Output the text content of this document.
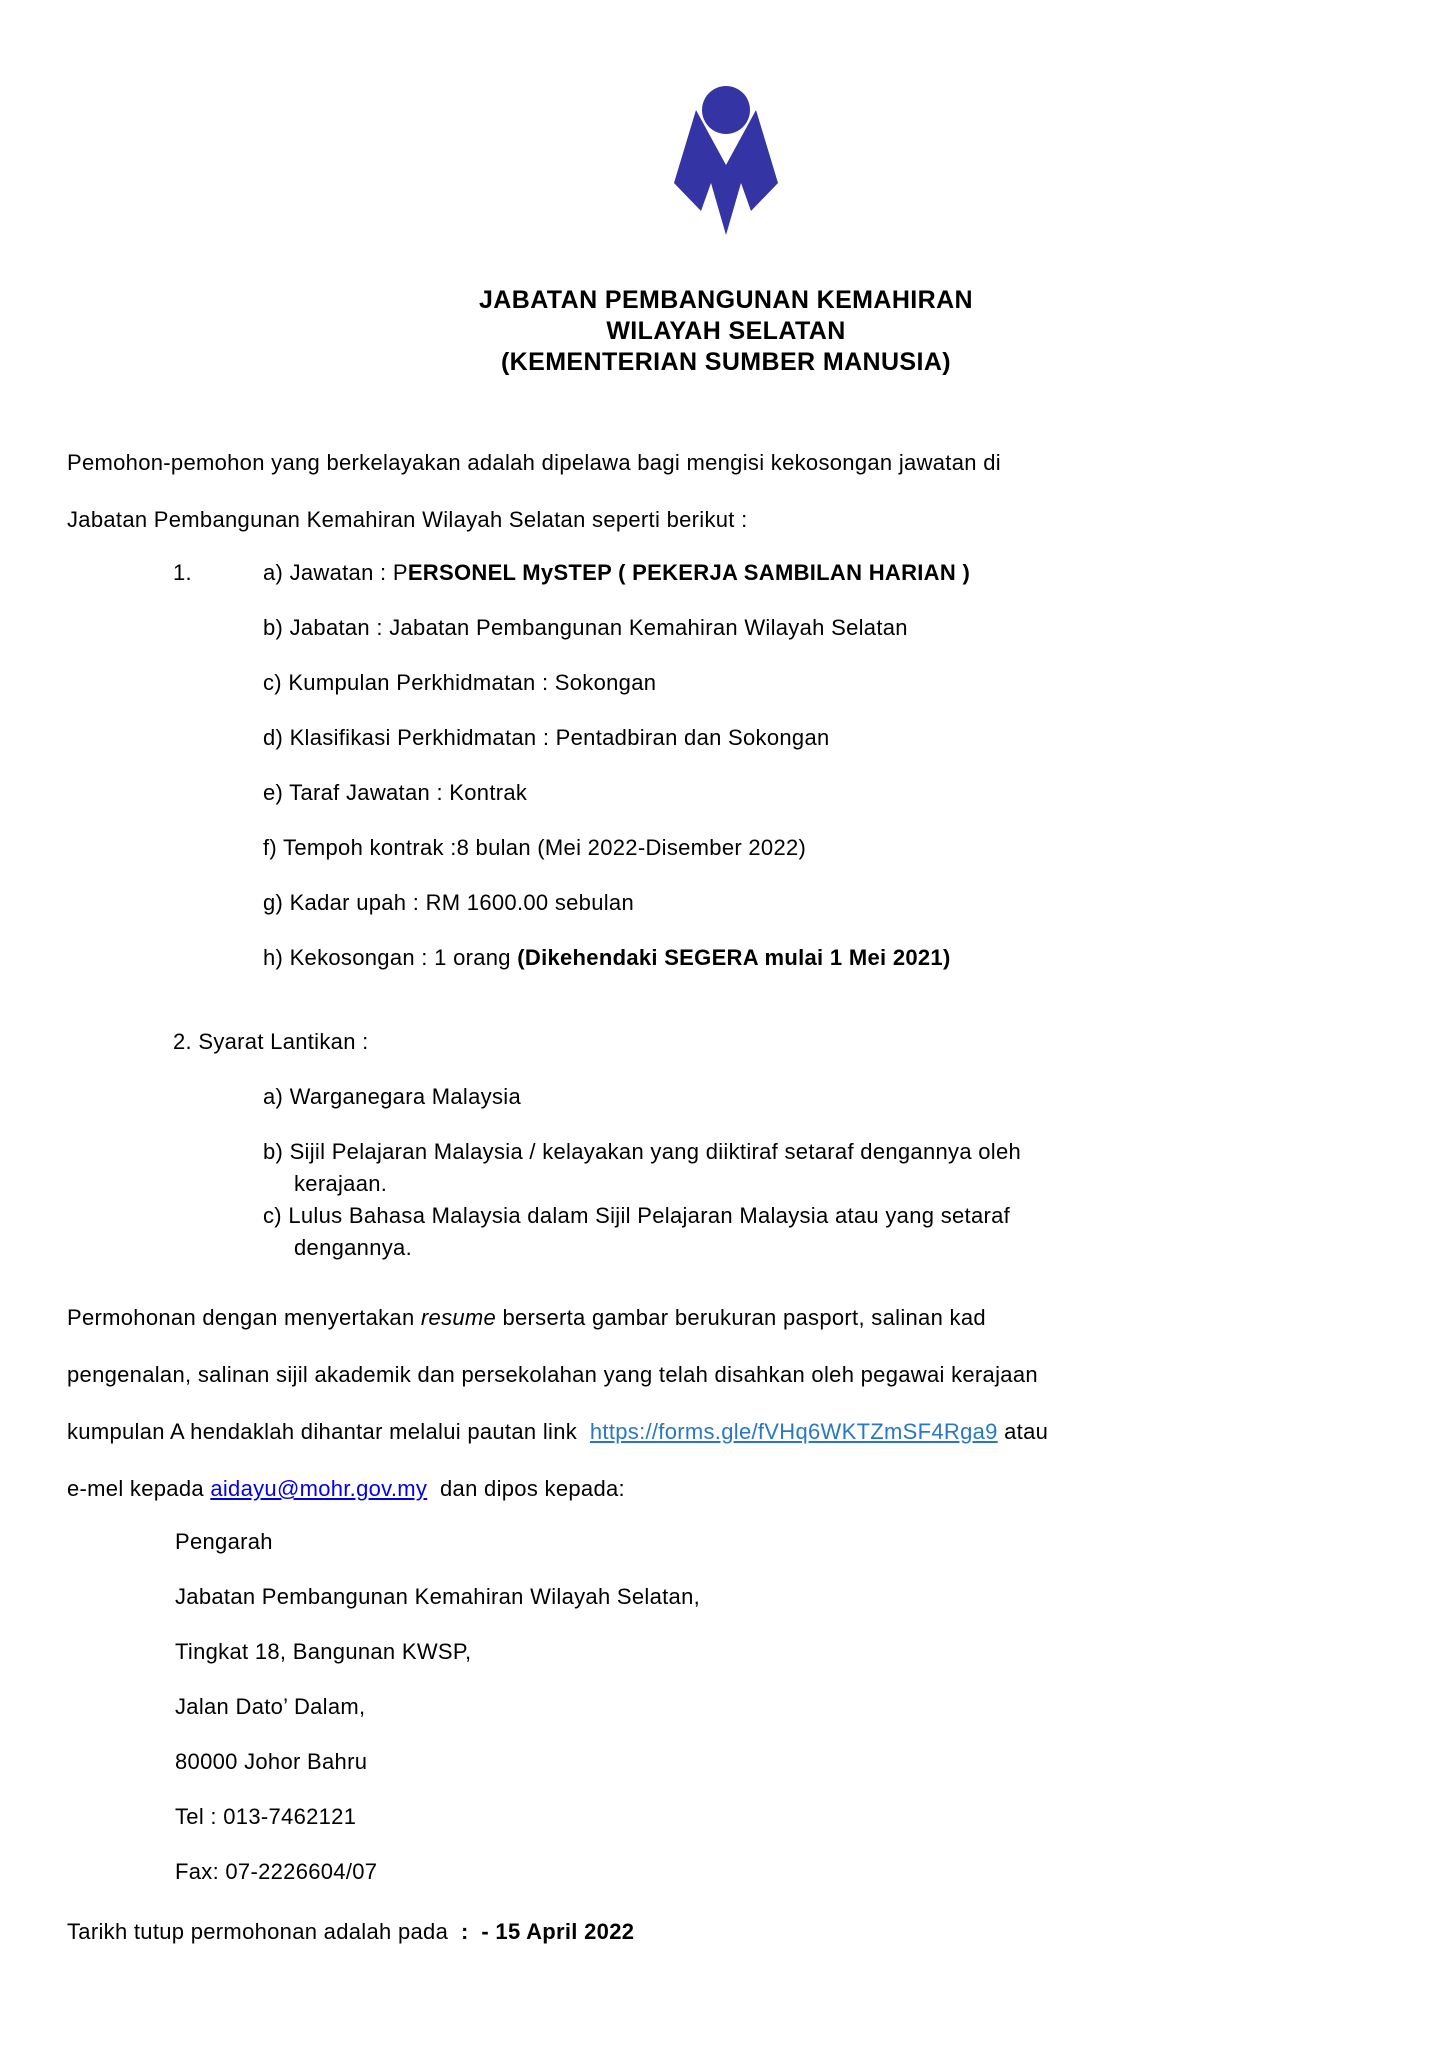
JABATAN PEMBANGUNAN KEMAHIRAN
WILAYAH SELATAN
(KEMENTERIAN SUMBER MANUSIA)
Pemohon-pemohon yang berkelayakan adalah dipelawa bagi mengisi kekosongan jawatan di
Jabatan Pembangunan Kemahiran Wilayah Selatan seperti berikut :
1.	a) Jawatan : PERSONEL MySTEP ( PEKERJA SAMBILAN HARIAN )
b) Jabatan : Jabatan Pembangunan Kemahiran Wilayah Selatan
c) Kumpulan Perkhidmatan : Sokongan
d) Klasifikasi Perkhidmatan : Pentadbiran dan Sokongan
e) Taraf Jawatan : Kontrak
f) Tempoh kontrak :8 bulan (Mei 2022-Disember 2022)
g) Kadar upah : RM 1600.00 sebulan
h) Kekosongan : 1 orang (Dikehendaki SEGERA mulai 1 Mei 2021)
2. Syarat Lantikan :
a) Warganegara Malaysia
b) Sijil Pelajaran Malaysia / kelayakan yang diiktiraf setaraf dengannya oleh
kerajaan.
c) Lulus Bahasa Malaysia dalam Sijil Pelajaran Malaysia atau yang setaraf
dengannya.
Permohonan dengan menyertakan resume berserta gambar berukuran pasport, salinan kad
pengenalan, salinan sijil akademik dan persekolahan yang telah disahkan oleh pegawai kerajaan
kumpulan A hendaklah dihantar melalui pautan link  https://forms.gle/fVHq6WKTZmSF4Rga9 atau
e-mel kepada aidayu@mohr.gov.my  dan dipos kepada:
Pengarah
Jabatan Pembangunan Kemahiran Wilayah Selatan,
Tingkat 18, Bangunan KWSP,
Jalan Dato’ Dalam,
80000 Johor Bahru
Tel : 013-7462121
Fax: 07-2226604/07
Tarikh tutup permohonan adalah pada  :  - 15 April 2022
